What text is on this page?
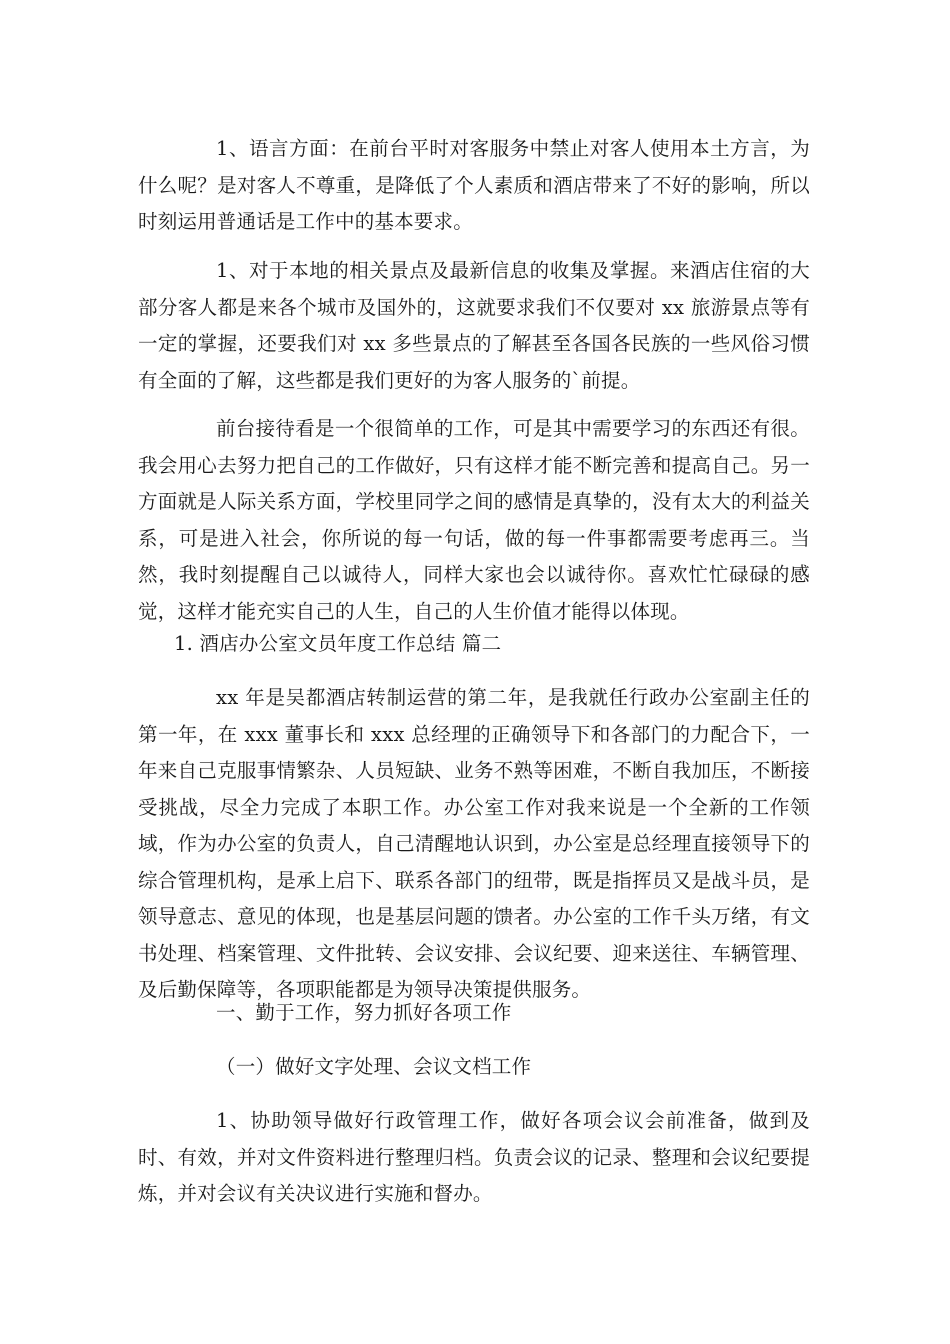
1、语言方面：在前台平时对客服务中禁止对客人使用本土方言，为什么呢？是对客人不尊重，是降低了个人素质和酒店带来了不好的影响，所以时刻运用普通话是工作中的基本要求。

1、对于本地的相关景点及最新信息的收集及掌握。来酒店住宿的大部分客人都是来各个城市及国外的，这就要求我们不仅要对 xx 旅游景点等有一定的掌握，还要我们对 xx 多些景点的了解甚至各国各民族的一些风俗习惯有全面的了解，这些都是我们更好的为客人服务的`前提。

前台接待看是一个很简单的工作，可是其中需要学习的东西还有很。我会用心去努力把自己的工作做好，只有这样才能不断完善和提高自己。另一方面就是人际关系方面，学校里同学之间的感情是真挚的，没有太大的利益关系，可是进入社会，你所说的每一句话，做的每一件事都需要考虑再三。当然，我时刻提醒自己以诚待人，同样大家也会以诚待你。喜欢忙忙碌碌的感觉，这样才能充实自己的人生，自己的人生价值才能得以体现。

1. 酒店办公室文员年度工作总结 篇二

xx 年是吴都酒店转制运营的第二年，是我就任行政办公室副主任的第一年，在 xxx 董事长和 xxx 总经理的正确领导下和各部门的力配合下，一年来自己克服事情繁杂、人员短缺、业务不熟等困难，不断自我加压，不断接受挑战，尽全力完成了本职工作。办公室工作对我来说是一个全新的工作领域，作为办公室的负责人，自己清醒地认识到，办公室是总经理直接领导下的综合管理机构，是承上启下、联系各部门的纽带，既是指挥员又是战斗员，是领导意志、意见的体现，也是基层问题的馈者。办公室的工作千头万绪，有文书处理、档案管理、文件批转、会议安排、会议纪要、迎来送往、车辆管理、及后勤保障等，各项职能都是为领导决策提供服务。

一、勤于工作，努力抓好各项工作

（一）做好文字处理、会议文档工作

1、协助领导做好行政管理工作，做好各项会议会前准备，做到及时、有效，并对文件资料进行整理归档。负责会议的记录、整理和会议纪要提炼，并对会议有关决议进行实施和督办。
